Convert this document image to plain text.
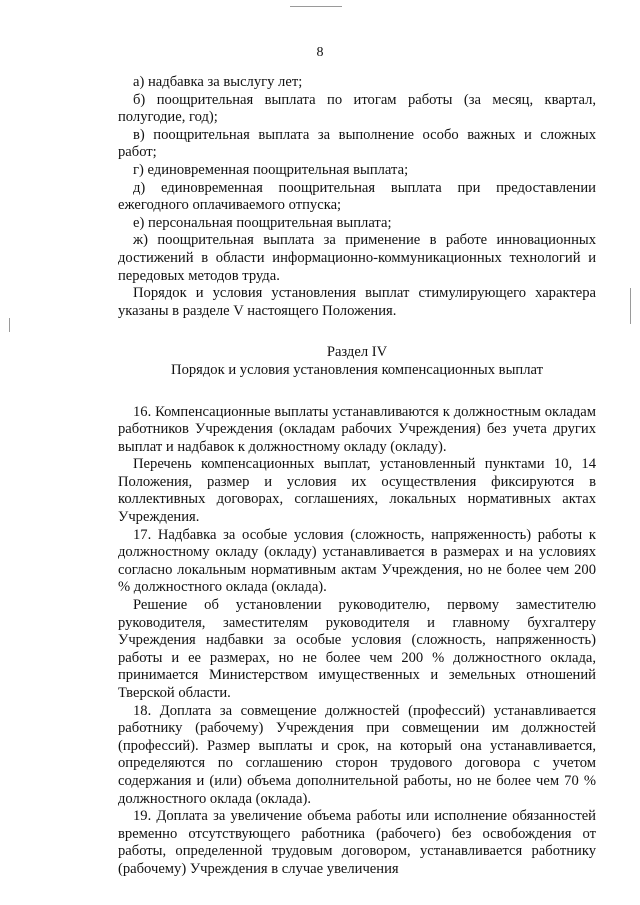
8

а) надбавка за выслугу лет;

б) поощрительная выплата по итогам работы (за месяц, квартал, полугодие, год);

в) поощрительная выплата за выполнение особо важных и сложных работ;

г) единовременная поощрительная выплата;

д) единовременная поощрительная выплата при предоставлении ежегодного оплачиваемого отпуска;

е) персональная поощрительная выплата;

ж) поощрительная выплата за применение в работе инновационных достижений в области информационно-коммуникационных технологий и передовых методов труда.

Порядок и условия установления выплат стимулирующего характера указаны в разделе V настоящего Положения.

Раздел IV

Порядок и условия установления компенсационных выплат

16. Компенсационные выплаты устанавливаются к должностным окладам работников Учреждения (окладам рабочих Учреждения) без учета других выплат и надбавок к должностному окладу (окладу).

Перечень компенсационных выплат, установленный пунктами 10, 14 Положения, размер и условия их осуществления фиксируются в коллективных договорах, соглашениях, локальных нормативных актах Учреждения.

17. Надбавка за особые условия (сложность, напряженность) работы к должностному окладу (окладу) устанавливается в размерах и на условиях согласно локальным нормативным актам Учреждения, но не более чем 200 % должностного оклада (оклада).

Решение об установлении руководителю, первому заместителю руководителя, заместителям руководителя и главному бухгалтеру Учреждения надбавки за особые условия (сложность, напряженность) работы и ее размерах, но не более чем 200 % должностного оклада, принимается Министерством имущественных и земельных отношений Тверской области.

18. Доплата за совмещение должностей (профессий) устанавливается работнику (рабочему) Учреждения при совмещении им должностей (профессий). Размер выплаты и срок, на который она устанавливается, определяются по соглашению сторон трудового договора с учетом содержания и (или) объема дополнительной работы, но не более чем 70 % должностного оклада (оклада).

19. Доплата за увеличение объема работы или исполнение обязанностей временно отсутствующего работника (рабочего) без освобождения от работы, определенной трудовым договором, устанавливается работнику (рабочему) Учреждения в случае увеличения
